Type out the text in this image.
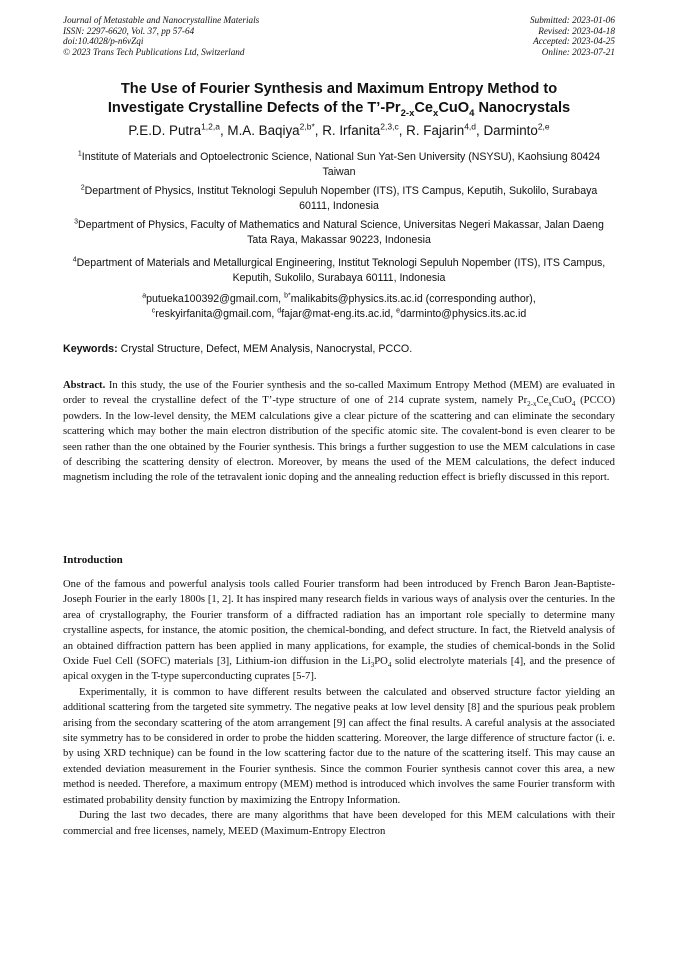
Journal of Metastable and Nanocrystalline Materials
ISSN: 2297-6620, Vol. 37, pp 57-64
doi:10.4028/p-n6vZqi
© 2023 Trans Tech Publications Ltd, Switzerland
Submitted: 2023-01-06
Revised: 2023-04-18
Accepted: 2023-04-25
Online: 2023-07-21
The Use of Fourier Synthesis and Maximum Entropy Method to
Investigate Crystalline Defects of the $T’-Pr_{2-x}Ce_xCuO_4$ Nanocrystals
P.E.D. Putra$^{1,2,a}$, M.A. Baqiya$^{2,b*}$, R. Irfanita$^{2,3,c}$, R. Fajarin$^{4,d}$, Darminto$^{2,e}$
$^1$Institute of Materials and Optoelectronic Science, National Sun Yat-Sen University (NSYSU), Kaohsiung 80424 Taiwan
$^2$Department of Physics, Institut Teknologi Sepuluh Nopember (ITS), ITS Campus, Keputih, Sukolilo, Surabaya 60111, Indonesia
$^3$Department of Physics, Faculty of Mathematics and Natural Science, Universitas Negeri Makassar, Jalan Daeng Tata Raya, Makassar 90223, Indonesia
$^4$Department of Materials and Metallurgical Engineering, Institut Teknologi Sepuluh Nopember (ITS), ITS Campus, Keputih, Sukolilo, Surabaya 60111, Indonesia
$^a$putueka100392@gmail.com, $^{b*}$malikabits@physics.its.ac.id (corresponding author),
$^c$reskyirfanita@gmail.com, $^d$fajar@mat-eng.its.ac.id, $^e$darminto@physics.its.ac.id
Keywords: Crystal Structure, Defect, MEM Analysis, Nanocrystal, PCCO.
Abstract. In this study, the use of the Fourier synthesis and the so-called Maximum Entropy Method (MEM) are evaluated in order to reveal the crystalline defect of the T’-type structure of one of 214 cuprate system, namely $Pr_{2-x}Ce_xCuO_4$ (PCCO) powders. In the low-level density, the MEM calculations give a clear picture of the scattering and can eliminate the secondary scattering which may bother the main electron distribution of the specific atomic site. The covalent-bond is even clearer to be seen rather than the one obtained by the Fourier synthesis. This brings a further suggestion to use the MEM calculations in case of describing the scattering density of electron. Moreover, by means the used of the MEM calculations, the defect induced magnetism including the role of the tetravalent ionic doping and the annealing reduction effect is briefly discussed in this report.
Introduction

One of the famous and powerful analysis tools called Fourier transform had been introduced by French Baron Jean-Baptiste-Joseph Fourier in the early 1800s [1, 2]. It has inspired many research fields in various ways of analysis over the centuries. In the area of crystallography, the Fourier transform of a diffracted radiation has an important role specially to determine many crystalline aspects, for instance, the atomic position, the chemical-bonding, and defect structure. In fact, the Rietveld analysis of an obtained diffraction pattern has been applied in many applications, for example, the studies of chemical-bonds in the Solid Oxide Fuel Cell (SOFC) materials [3], Lithium-ion diffusion in the $Li_3PO_4$ solid electrolyte materials [4], and the presence of apical oxygen in the T-type superconducting cuprates [5-7].

Experimentally, it is common to have different results between the calculated and observed structure factor yielding an additional scattering from the targeted site symmetry. The negative peaks at low level density [8] and the spurious peak problem arising from the secondary scattering of the atom arrangement [9] can affect the final results. A careful analysis at the associated site symmetry has to be considered in order to probe the hidden scattering. Moreover, the large difference of structure factor (i. e. by using XRD technique) can be found in the low scattering factor due to the nature of the scattering itself. This may cause an extended deviation measurement in the Fourier synthesis. Since the common Fourier synthesis cannot cover this area, a new method is needed. Therefore, a maximum entropy (MEM) method is introduced which involves the same Fourier transform with estimated probability density function by maximizing the Entropy Information.

During the last two decades, there are many algorithms that have been developed for this MEM calculations with their commercial and free licenses, namely, MEED (Maximum-Entropy Electron
